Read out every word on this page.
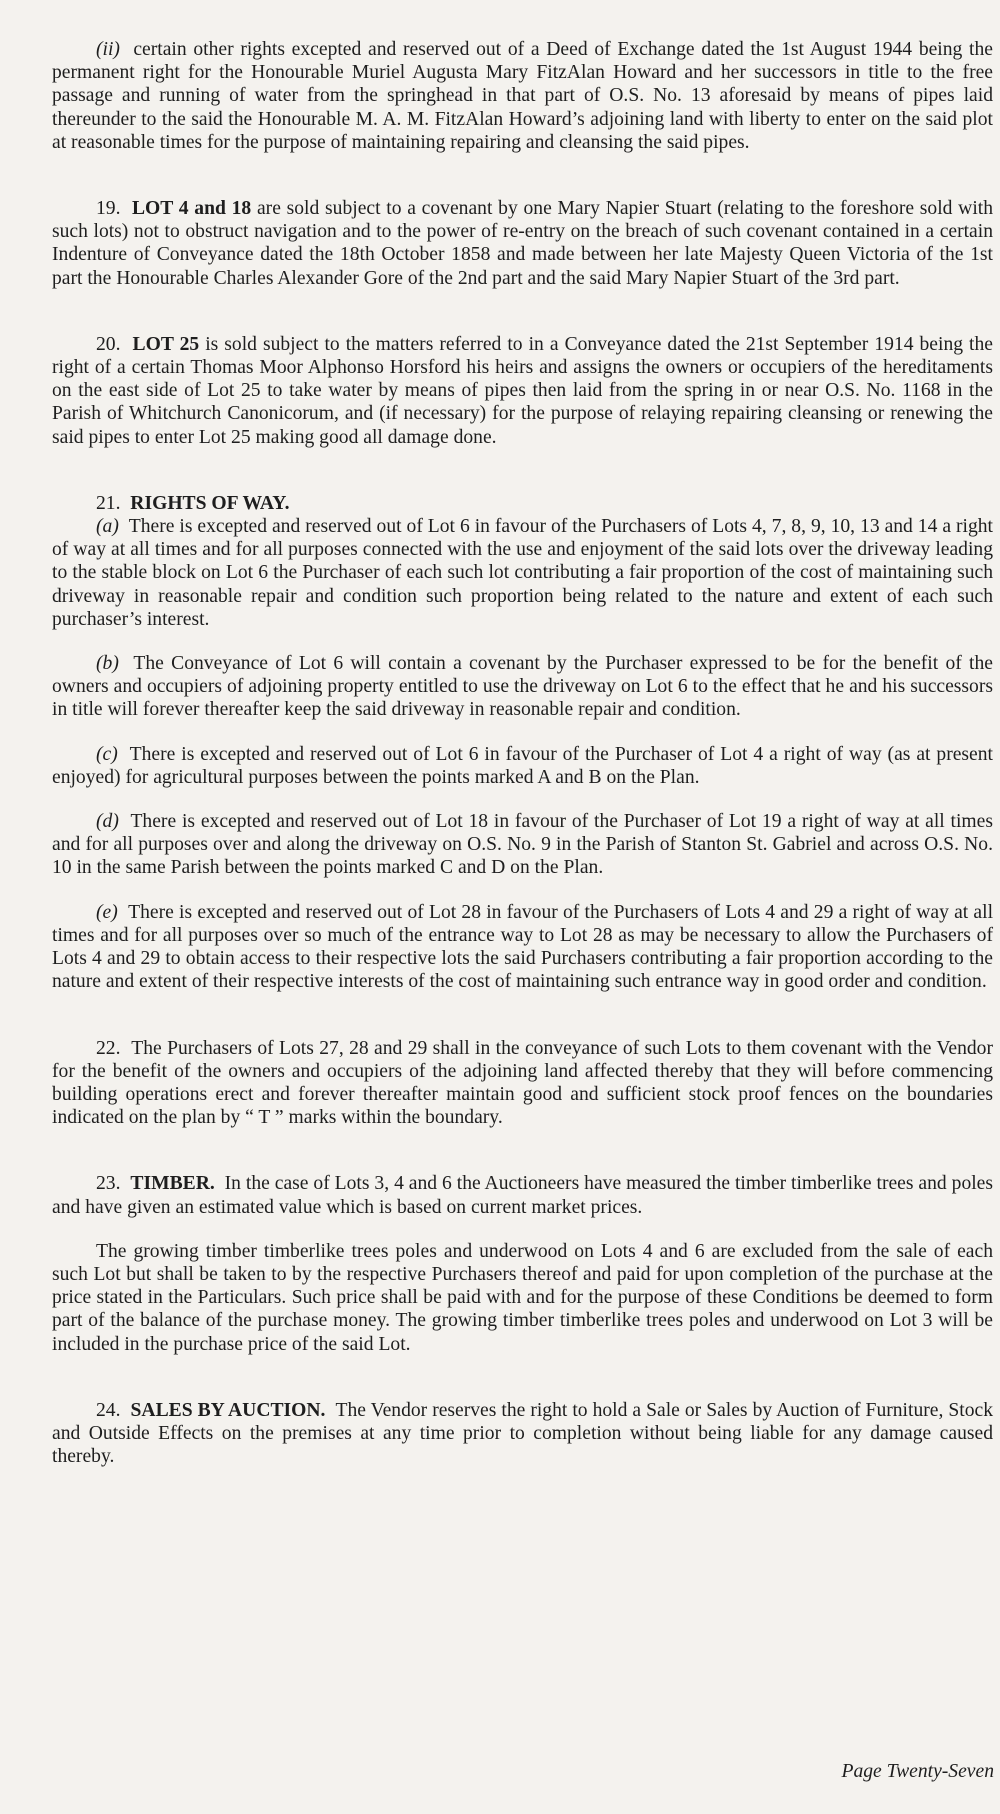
(ii) certain other rights excepted and reserved out of a Deed of Exchange dated the 1st August 1944 being the permanent right for the Honourable Muriel Augusta Mary FitzAlan Howard and her successors in title to the free passage and running of water from the springhead in that part of O.S. No. 13 aforesaid by means of pipes laid thereunder to the said the Honourable M. A. M. FitzAlan Howard’s adjoining land with liberty to enter on the said plot at reasonable times for the purpose of maintaining repairing and cleansing the said pipes.

19. LOT 4 and 18 are sold subject to a covenant by one Mary Napier Stuart (relating to the foreshore sold with such lots) not to obstruct navigation and to the power of re-entry on the breach of such covenant contained in a certain Indenture of Conveyance dated the 18th October 1858 and made between her late Majesty Queen Victoria of the 1st part the Honourable Charles Alexander Gore of the 2nd part and the said Mary Napier Stuart of the 3rd part.

20. LOT 25 is sold subject to the matters referred to in a Conveyance dated the 21st September 1914 being the right of a certain Thomas Moor Alphonso Horsford his heirs and assigns the owners or occupiers of the hereditaments on the east side of Lot 25 to take water by means of pipes then laid from the spring in or near O.S. No. 1168 in the Parish of Whitchurch Canonicorum, and (if necessary) for the purpose of relaying repairing cleansing or renewing the said pipes to enter Lot 25 making good all damage done.

21. RIGHTS OF WAY.

(a) There is excepted and reserved out of Lot 6 in favour of the Purchasers of Lots 4, 7, 8, 9, 10, 13 and 14 a right of way at all times and for all purposes connected with the use and enjoyment of the said lots over the driveway leading to the stable block on Lot 6 the Purchaser of each such lot contributing a fair proportion of the cost of maintaining such driveway in reasonable repair and condition such proportion being related to the nature and extent of each such purchaser’s interest.

(b) The Conveyance of Lot 6 will contain a covenant by the Purchaser expressed to be for the benefit of the owners and occupiers of adjoining property entitled to use the driveway on Lot 6 to the effect that he and his successors in title will forever thereafter keep the said driveway in reasonable repair and condition.

(c) There is excepted and reserved out of Lot 6 in favour of the Purchaser of Lot 4 a right of way (as at present enjoyed) for agricultural purposes between the points marked A and B on the Plan.

(d) There is excepted and reserved out of Lot 18 in favour of the Purchaser of Lot 19 a right of way at all times and for all purposes over and along the driveway on O.S. No. 9 in the Parish of Stanton St. Gabriel and across O.S. No. 10 in the same Parish between the points marked C and D on the Plan.

(e) There is excepted and reserved out of Lot 28 in favour of the Purchasers of Lots 4 and 29 a right of way at all times and for all purposes over so much of the entrance way to Lot 28 as may be necessary to allow the Purchasers of Lots 4 and 29 to obtain access to their respective lots the said Purchasers contributing a fair proportion according to the nature and extent of their respective interests of the cost of maintaining such entrance way in good order and condition.

22. The Purchasers of Lots 27, 28 and 29 shall in the conveyance of such Lots to them covenant with the Vendor for the benefit of the owners and occupiers of the adjoining land affected thereby that they will before commencing building operations erect and forever thereafter maintain good and sufficient stock proof fences on the boundaries indicated on the plan by “ T ” marks within the boundary.

23. TIMBER. In the case of Lots 3, 4 and 6 the Auctioneers have measured the timber timberlike trees and poles and have given an estimated value which is based on current market prices.

The growing timber timberlike trees poles and underwood on Lots 4 and 6 are excluded from the sale of each such Lot but shall be taken to by the respective Purchasers thereof and paid for upon completion of the purchase at the price stated in the Particulars. Such price shall be paid with and for the purpose of these Conditions be deemed to form part of the balance of the purchase money. The growing timber timberlike trees poles and underwood on Lot 3 will be included in the purchase price of the said Lot.

24. SALES BY AUCTION. The Vendor reserves the right to hold a Sale or Sales by Auction of Furniture, Stock and Outside Effects on the premises at any time prior to completion without being liable for any damage caused thereby.

Page Twenty-Seven
